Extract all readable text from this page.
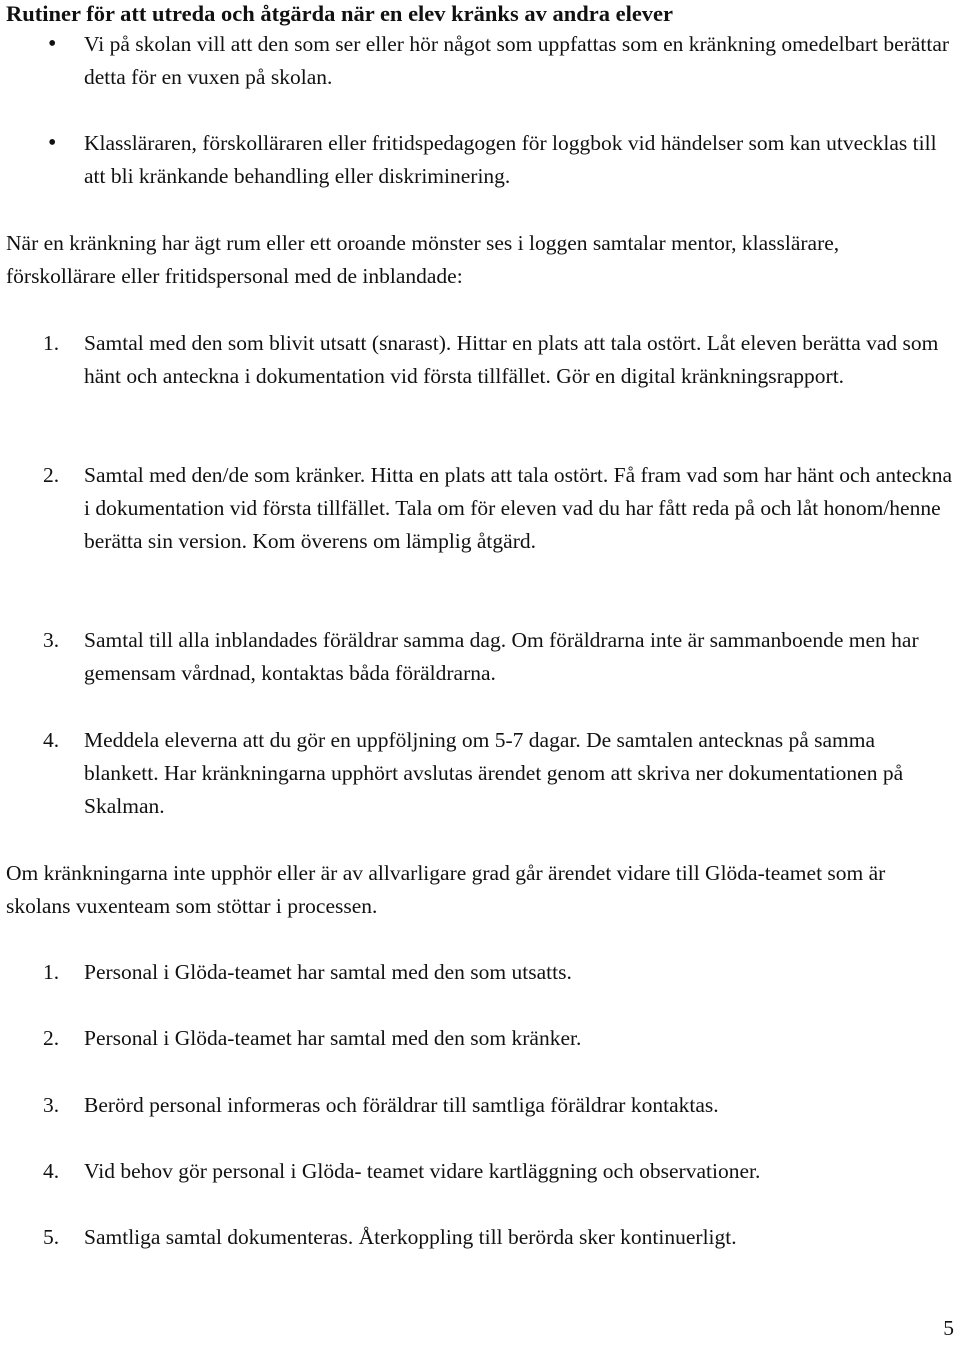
Rutiner för att utreda och åtgärda när en elev kränks av andra elever
• Vi på skolan vill att den som ser eller hör något som uppfattas som en kränkning omedelbart berättar detta för en vuxen på skolan.
• Klassläraren, förskolläraren eller fritidspedagogen för loggbok vid händelser som kan utvecklas till att bli kränkande behandling eller diskriminering.

När en kränkning har ägt rum eller ett oroande mönster ses i loggen samtalar mentor, klasslärare, förskollärare eller fritidspersonal med de inblandade:

1. Samtal med den som blivit utsatt (snarast). Hittar en plats att tala ostört. Låt eleven berätta vad som hänt och anteckna i dokumentation vid första tillfället. Gör en digital kränkningsrapport.
2. Samtal med den/de som kränker. Hitta en plats att tala ostört. Få fram vad som har hänt och anteckna i dokumentation vid första tillfället. Tala om för eleven vad du har fått reda på och låt honom/henne berätta sin version. Kom överens om lämplig åtgärd.
3. Samtal till alla inblandades föräldrar samma dag. Om föräldrarna inte är sammanboende men har gemensam vårdnad, kontaktas båda föräldrarna.
4. Meddela eleverna att du gör en uppföljning om 5-7 dagar. De samtalen antecknas på samma blankett. Har kränkningarna upphört avslutas ärendet genom att skriva ner dokumentationen på Skalman.

Om kränkningarna inte upphör eller är av allvarligare grad går ärendet vidare till Glöda-teamet som är skolans vuxenteam som stöttar i processen.

1. Personal i Glöda-teamet har samtal med den som utsatts.
2. Personal i Glöda-teamet har samtal med den som kränker.
3. Berörd personal informeras och föräldrar till samtliga föräldrar kontaktas.
4. Vid behov gör personal i Glöda- teamet vidare kartläggning och observationer.
5. Samtliga samtal dokumenteras. Återkoppling till berörda sker kontinuerligt.
5
